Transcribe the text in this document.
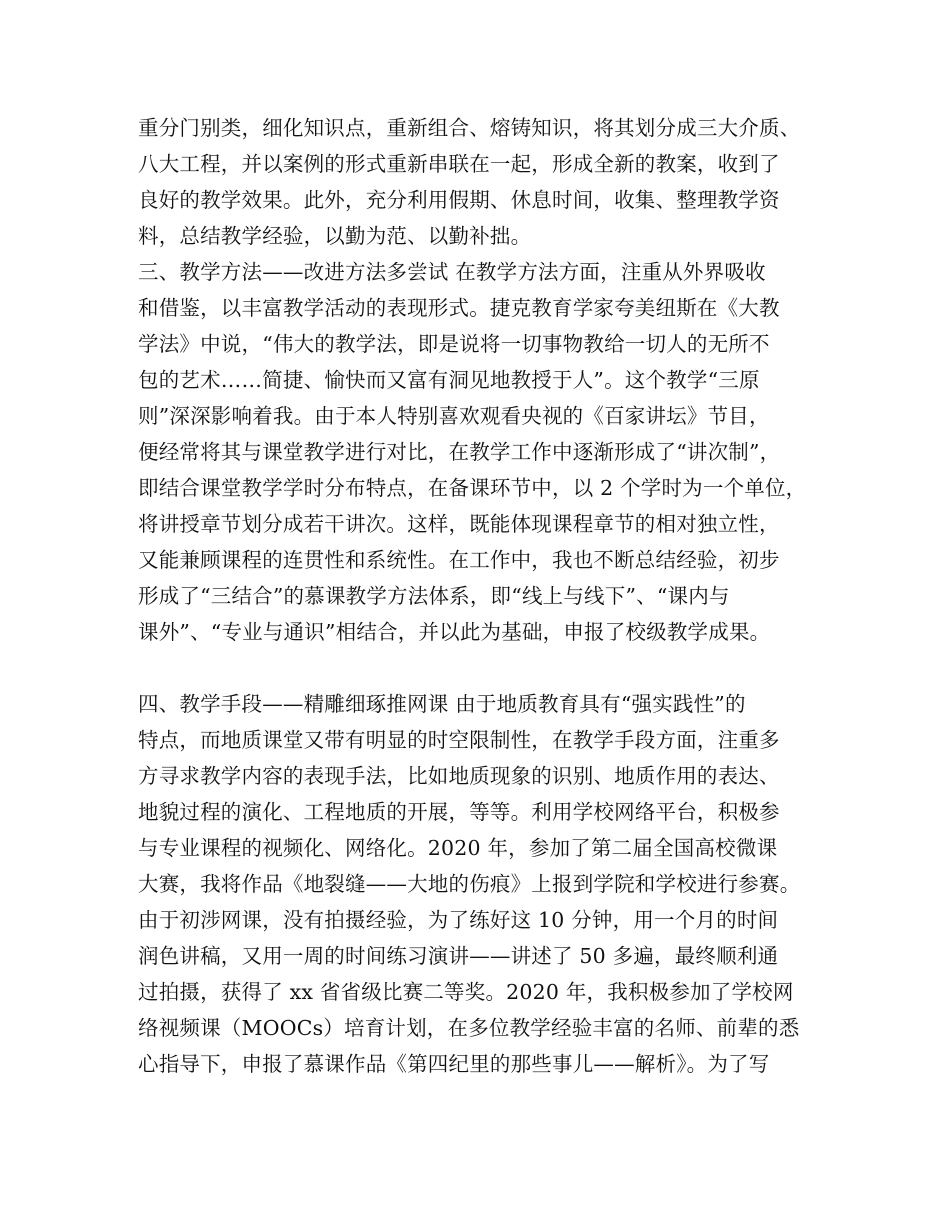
重分门别类，细化知识点，重新组合、熔铸知识，将其划分成三大介质、
八大工程，并以案例的形式重新串联在一起，形成全新的教案，收到了
良好的教学效果。此外，充分利用假期、休息时间，收集、整理教学资
料，总结教学经验，以勤为范、以勤补拙。
三、教学方法——改进方法多尝试 在教学方法方面，注重从外界吸收
和借鉴，以丰富教学活动的表现形式。捷克教育学家夸美纽斯在《大教
学法》中说，“伟大的教学法，即是说将一切事物教给一切人的无所不
包的艺术……简捷、愉快而又富有洞见地教授于人”。这个教学“三原
则”深深影响着我。由于本人特别喜欢观看央视的《百家讲坛》节目，
便经常将其与课堂教学进行对比，在教学工作中逐渐形成了“讲次制”，
即结合课堂教学学时分布特点，在备课环节中，以 2 个学时为一个单位，
将讲授章节划分成若干讲次。这样，既能体现课程章节的相对独立性，
又能兼顾课程的连贯性和系统性。在工作中，我也不断总结经验，初步
形成了“三结合”的慕课教学方法体系，即“线上与线下”、“课内与
课外”、“专业与通识”相结合，并以此为基础，申报了校级教学成果。
四、教学手段——精雕细琢推网课 由于地质教育具有“强实践性”的
特点，而地质课堂又带有明显的时空限制性，在教学手段方面，注重多
方寻求教学内容的表现手法，比如地质现象的识别、地质作用的表达、
地貌过程的演化、工程地质的开展，等等。利用学校网络平台，积极参
与专业课程的视频化、网络化。2020 年，参加了第二届全国高校微课
大赛，我将作品《地裂缝——大地的伤痕》上报到学院和学校进行参赛。
由于初涉网课，没有拍摄经验，为了练好这 10 分钟，用一个月的时间
润色讲稿，又用一周的时间练习演讲——讲述了 50 多遍，最终顺利通
过拍摄，获得了 xx 省省级比赛二等奖。2020 年，我积极参加了学校网
络视频课（MOOCs）培育计划，在多位教学经验丰富的名师、前辈的悉
心指导下，申报了慕课作品《第四纪里的那些事儿——解析》。为了写
